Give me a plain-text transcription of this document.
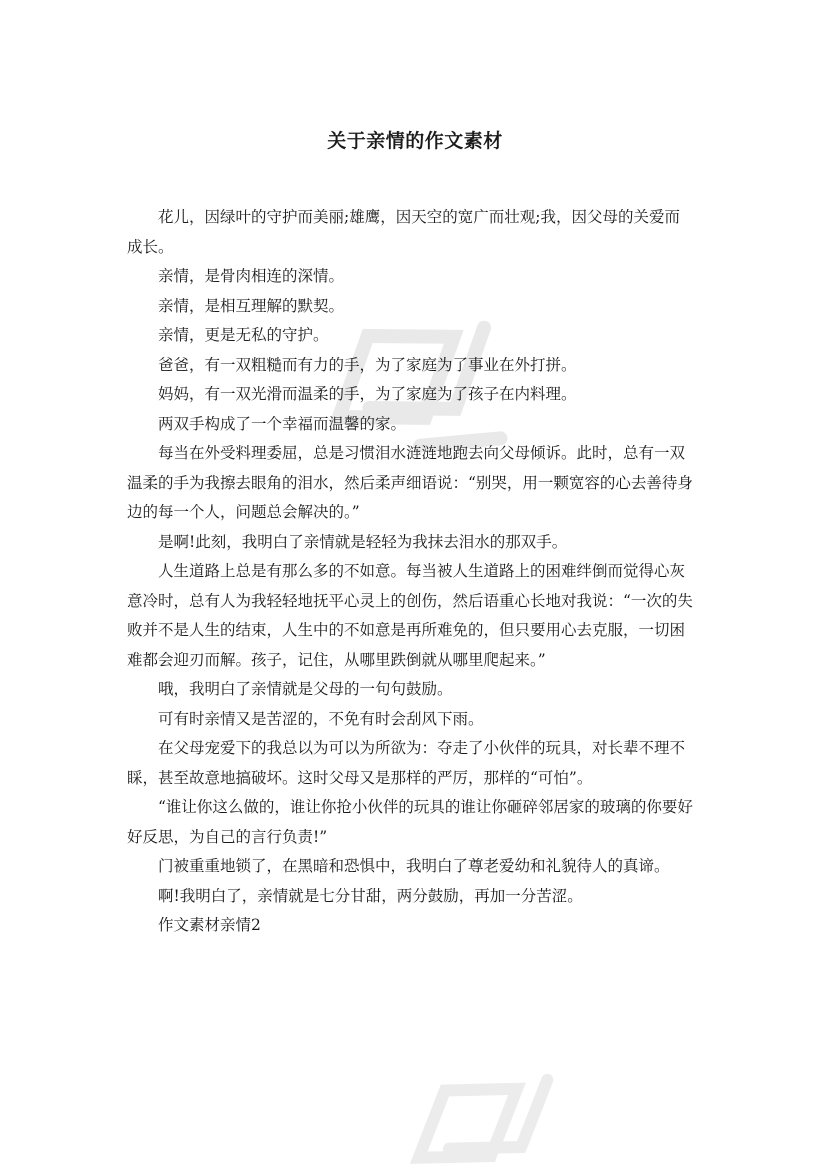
关于亲情的作文素材

花儿，因绿叶的守护而美丽;雄鹰，因天空的宽广而壮观;我，因父母的关爱而成长。

亲情，是骨肉相连的深情。

亲情，是相互理解的默契。

亲情，更是无私的守护。

爸爸，有一双粗糙而有力的手，为了家庭为了事业在外打拼。

妈妈，有一双光滑而温柔的手，为了家庭为了孩子在内料理。

两双手构成了一个幸福而温馨的家。

每当在外受料理委屈，总是习惯泪水涟涟地跑去向父母倾诉。此时，总有一双温柔的手为我擦去眼角的泪水，然后柔声细语说：“别哭，用一颗宽容的心去善待身边的每一个人，问题总会解决的。”

是啊!此刻，我明白了亲情就是轻轻为我抹去泪水的那双手。

人生道路上总是有那么多的不如意。每当被人生道路上的困难绊倒而觉得心灰意冷时，总有人为我轻轻地抚平心灵上的创伤，然后语重心长地对我说：“一次的失败并不是人生的结束，人生中的不如意是再所难免的，但只要用心去克服，一切困难都会迎刃而解。孩子，记住，从哪里跌倒就从哪里爬起来。”

哦，我明白了亲情就是父母的一句句鼓励。

可有时亲情又是苦涩的，不免有时会刮风下雨。

在父母宠爱下的我总以为可以为所欲为：夺走了小伙伴的玩具，对长辈不理不睬，甚至故意地搞破坏。这时父母又是那样的严厉，那样的“可怕”。

“谁让你这么做的，谁让你抢小伙伴的玩具的谁让你砸碎邻居家的玻璃的你要好好反思，为自己的言行负责!”

门被重重地锁了，在黑暗和恐惧中，我明白了尊老爱幼和礼貌待人的真谛。

啊!我明白了，亲情就是七分甘甜，两分鼓励，再加一分苦涩。

作文素材亲情2
